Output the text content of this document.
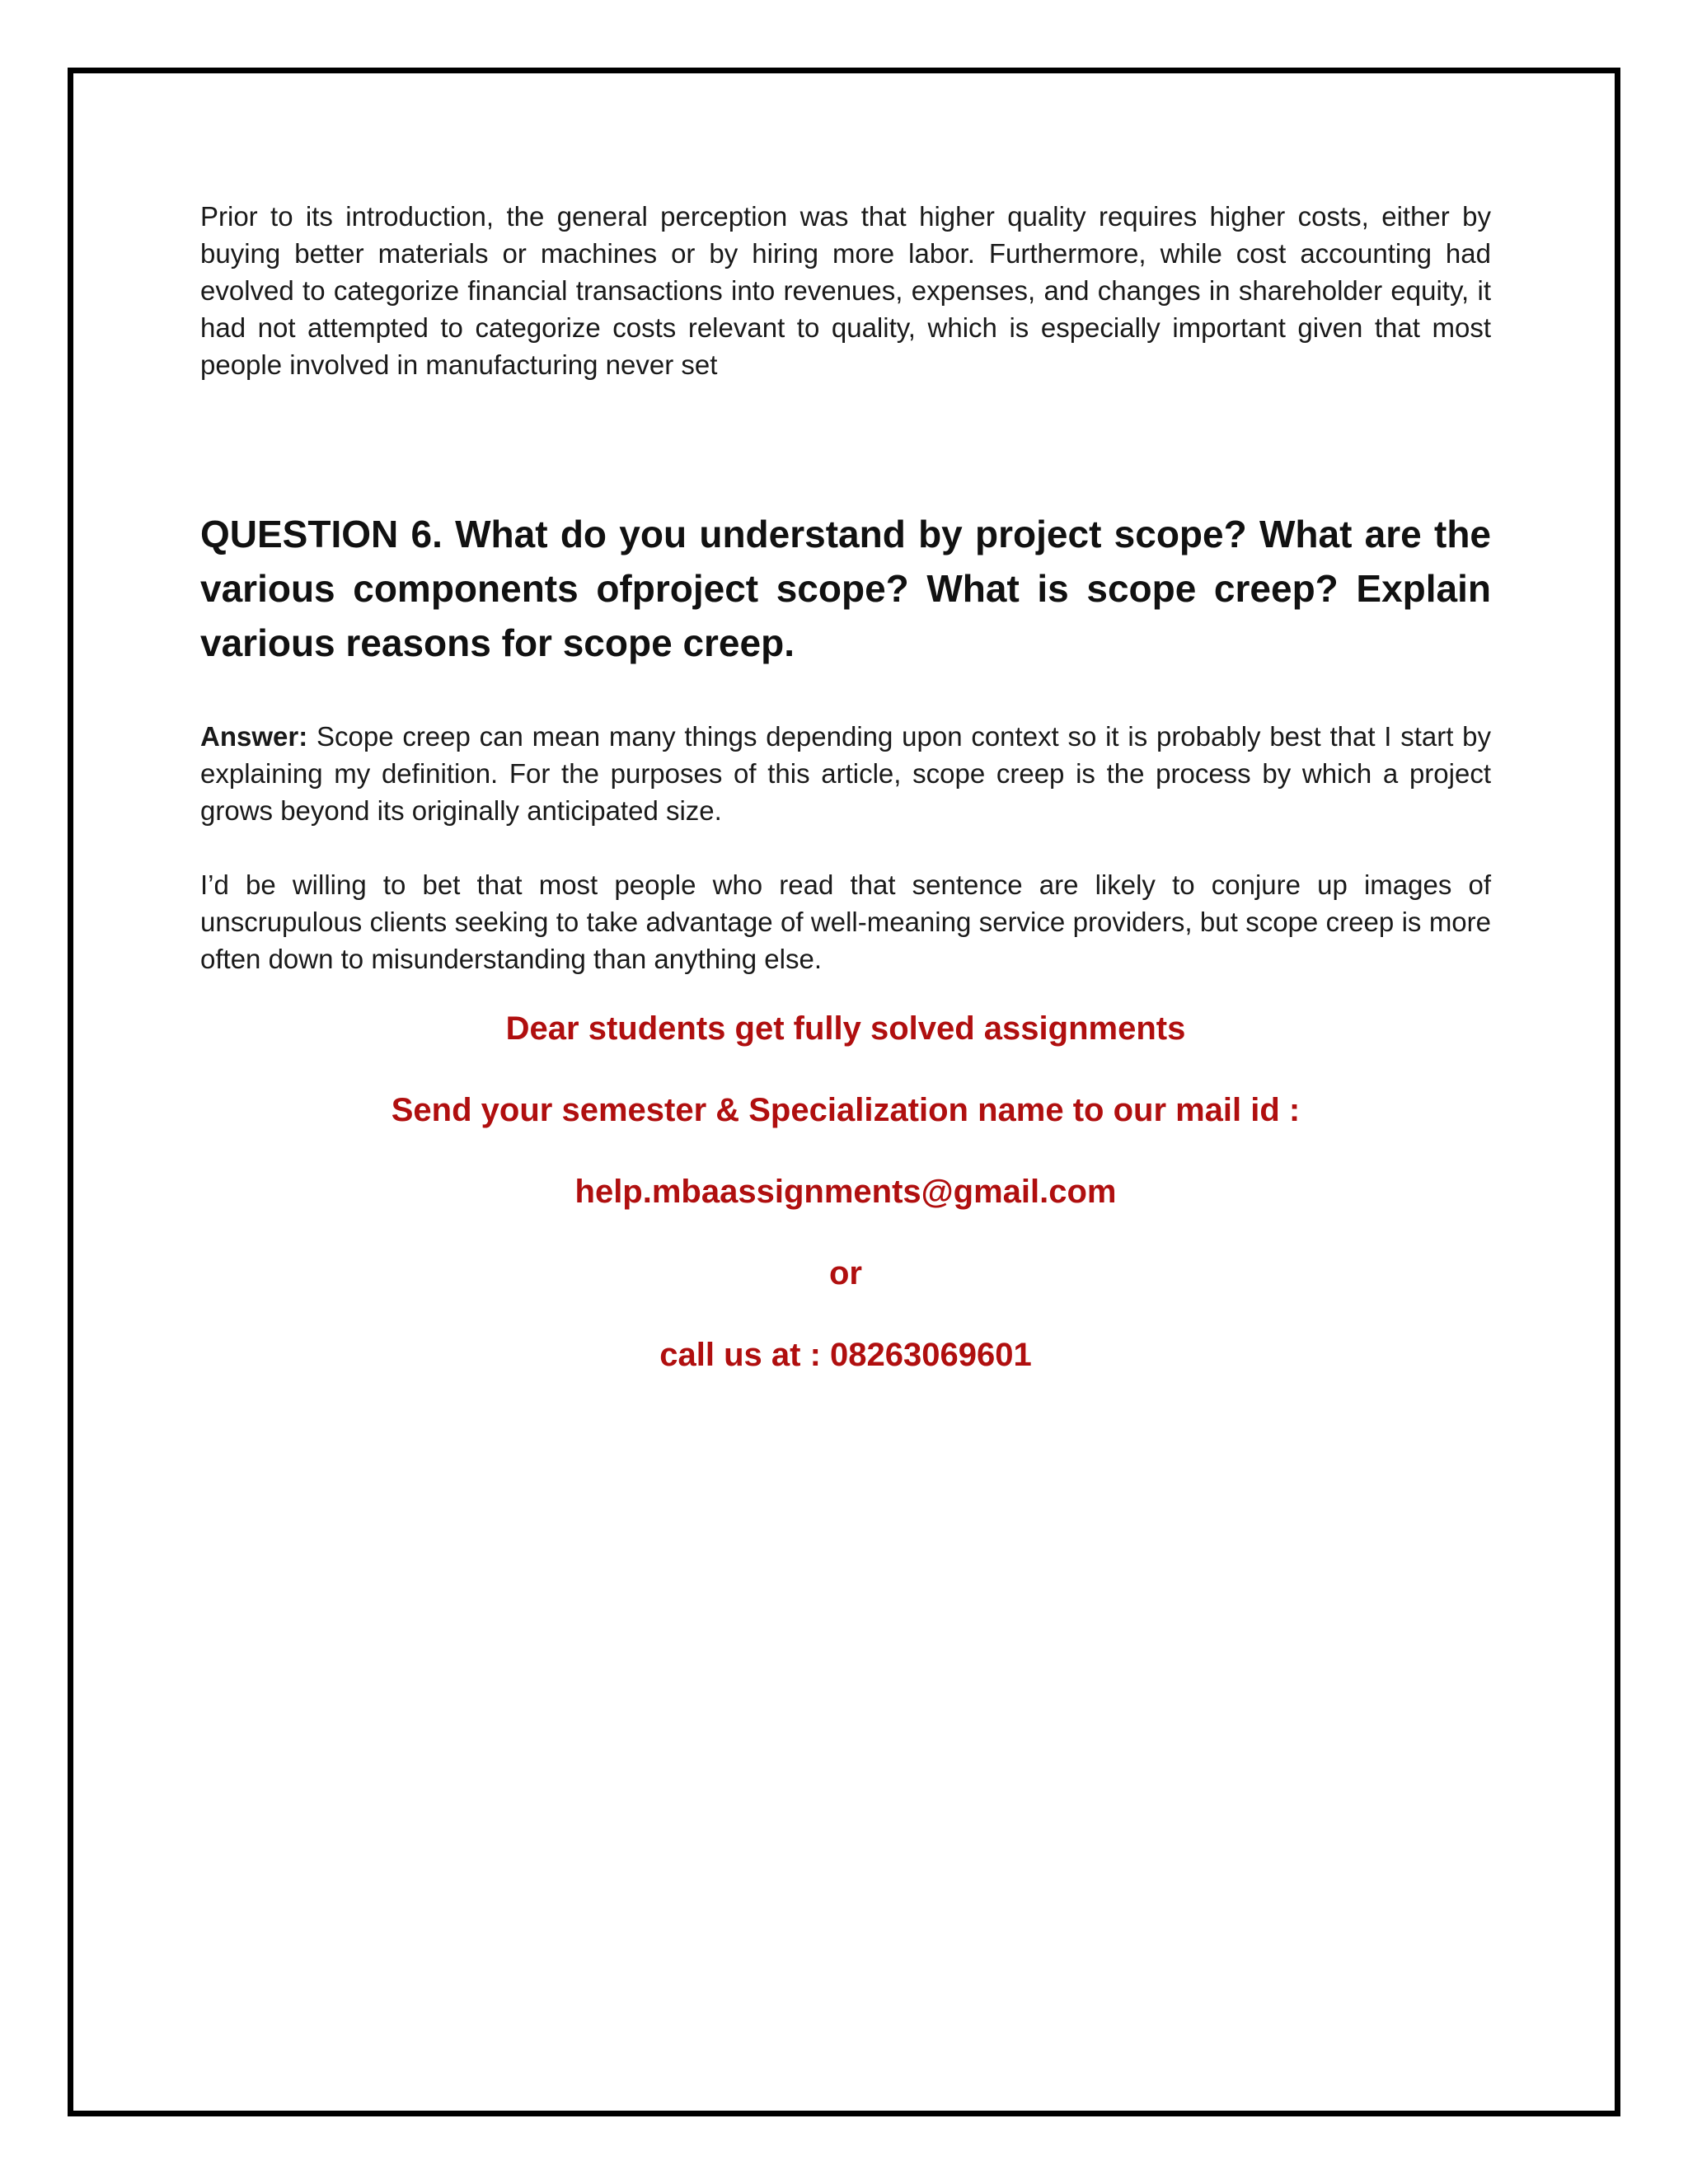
Prior to its introduction, the general perception was that higher quality requires higher costs, either by buying better materials or machines or by hiring more labor. Furthermore, while cost accounting had evolved to categorize financial transactions into revenues, expenses, and changes in shareholder equity, it had not attempted to categorize costs relevant to quality, which is especially important given that most people involved in manufacturing never set

QUESTION 6. What do you understand by project scope? What are the various components ofproject scope? What is scope creep? Explain various reasons for scope creep.

Answer: Scope creep can mean many things depending upon context so it is probably best that I start by explaining my definition. For the purposes of this article, scope creep is the process by which a project grows beyond its originally anticipated size.

I’d be willing to bet that most people who read that sentence are likely to conjure up images of unscrupulous clients seeking to take advantage of well-meaning service providers, but scope creep is more often down to misunderstanding than anything else.

Dear students get fully solved assignments

Send your semester & Specialization name to our mail id :

help.mbaassignments@gmail.com

or

call us at : 08263069601
